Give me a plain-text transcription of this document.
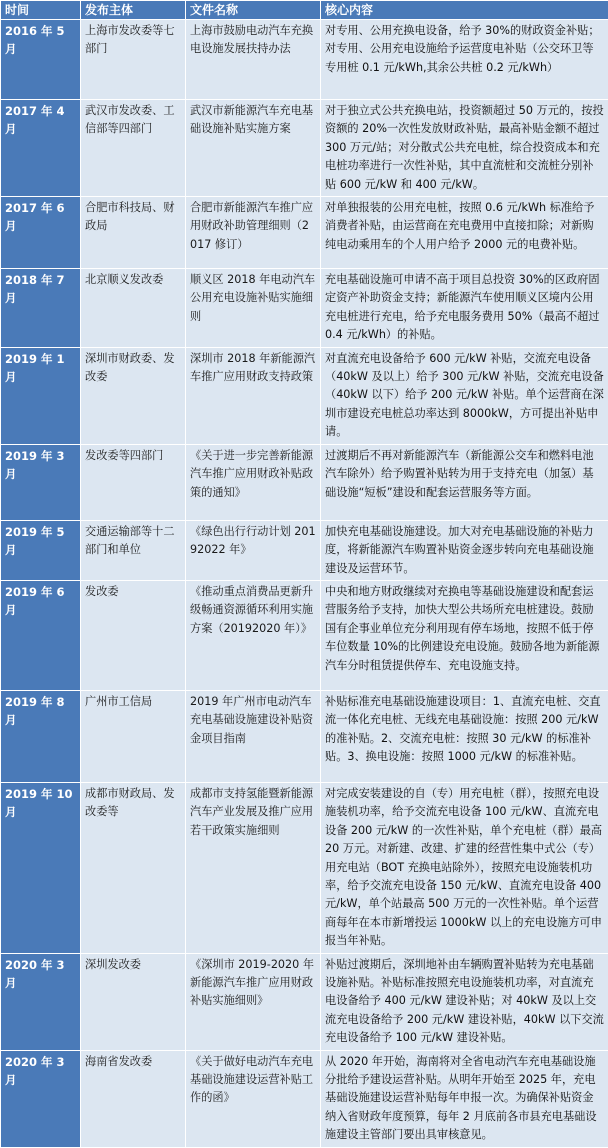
时间	发布主体	文件名称	核心内容
2016 年 5 月	上海市发改委等七部门	上海市鼓励电动汽车充换电设施发展扶持办法	对专用、公用充换电设备，给予 30%的财政资金补贴；对专用、公用充电设施给予运营度电补贴（公交环卫等专用桩 0.1 元/kWh,其余公共桩 0.2 元/kWh）
2017 年 4 月	武汉市发改委、工信部等四部门	武汉市新能源汽车充电基础设施补贴实施方案	对于独立式公共充换电站，投资额超过 50 万元的，按投资额的 20%一次性发放财政补贴，最高补贴金额不超过 300 万元/站；对分散式公共充电桩，综合投资成本和充电桩功率进行一次性补贴，其中直流桩和交流桩分别补贴 600 元/kW 和 400 元/kW。
2017 年 6 月	合肥市科技局、财政局	合肥市新能源汽车推广应用财政补助管理细则（2017 修订）	对单独报装的公用充电桩，按照 0.6 元/kWh 标准给予消费者补贴，由运营商在充电费用中直接扣除；对新购纯电动乘用车的个人用户给予 2000 元的电费补贴。
2018 年 7 月	北京顺义发改委	顺义区 2018 年电动汽车公用充电设施补贴实施细则	充电基础设施可申请不高于项目总投资 30%的区政府固定资产补助资金支持；新能源汽车使用顺义区境内公用充电桩进行充电，给予充电服务费用 50%（最高不超过 0.4 元/kWh）的补贴。
2019 年 1 月	深圳市财政委、发改委	深圳市 2018 年新能源汽车推广应用财政支持政策	对直流充电设备给予 600 元/kW 补贴，交流充电设备（40kW 及以上）给予 300 元/kW 补贴，交流充电设备（40kW 以下）给予 200 元/kW 补贴。单个运营商在深圳市建设充电桩总功率达到 8000kW，方可提出补贴申请。
2019 年 3 月	发改委等四部门	《关于进一步完善新能源汽车推广应用财政补贴政策的通知》	过渡期后不再对新能源汽车（新能源公交车和燃料电池汽车除外）给予购置补贴转为用于支持充电（加氢）基础设施“短板”建设和配套运营服务等方面。
2019 年 5 月	交通运输部等十二部门和单位	《绿色出行行动计划 20192022 年》	加快充电基础设施建设。加大对充电基础设施的补贴力度，将新能源汽车购置补贴资金逐步转向充电基础设施建设及运营环节。
2019 年 6 月	发改委	《推动重点消费品更新升级畅通资源循环利用实施方案（20192020 年）》	中央和地方财政继续对充换电等基础设施建设和配套运营服务给予支持，加快大型公共场所充电桩建设。鼓励国有企事业单位充分利用现有停车场地，按照不低于停车位数量 10%的比例建设充电设施。鼓励各地为新能源汽车分时租赁提供停车、充电设施支持。
2019 年 8 月	广州市工信局	2019 年广州市电动汽车充电基础设施建设补贴资金项目指南	补贴标准充电基础设施建设项目：1、直流充电桩、交直流一体化充电桩、无线充电基础设施：按照 200 元/kW 的准补贴。2、交流充电桩：按照 30 元/kW 的标准补贴。3、换电设施：按照 1000 元/kW 的标准补贴。
2019 年 10 月	成都市财政局、发改委等	成都市支持氢能暨新能源汽车产业发展及推广应用若干政策实施细则	对完成安装建设的自（专）用充电桩（群），按照充电设施装机功率，给予交流充电设备 100 元/kW、直流充电设备 200 元/kW 的一次性补贴，单个充电桩（群）最高 20 万元。对新建、改建、扩建的经营性集中式公（专）用充电站（BOT 充换电站除外），按照充电设施装机功率，给予交流充电设备 150 元/kW、直流充电设备 400 元/kW，单个站最高 500 万元的一次性补贴。单个运营商每年在本市新增投运 1000kW 以上的充电设施方可申报当年补贴。
2020 年 3 月	深圳发改委	《深圳市 2019-2020 年新能源汽车推广应用财政补贴实施细则》	补贴过渡期后，深圳地补由车辆购置补贴转为充电基础设施补贴。补贴标准按照充电设施装机功率，对直流充电设备给予 400 元/kW 建设补贴；对 40kW 及以上交流充电设备给予 200 元/kW 建设补贴，40kW 以下交流充电设备给予 100 元/kW 建设补贴。
2020 年 3 月	海南省发改委	《关于做好电动汽车充电基础设施建设运营补贴工作的函》	从 2020 年开始，海南将对全省电动汽车充电基础设施分批给予建设运营补贴。从明年开始至 2025 年，充电基础设施建设运营补贴每年申报一次。为确保补贴资金纳入省财政年度预算，每年 2 月底前各市县充电基础设施建设主管部门要出具审核意见。
